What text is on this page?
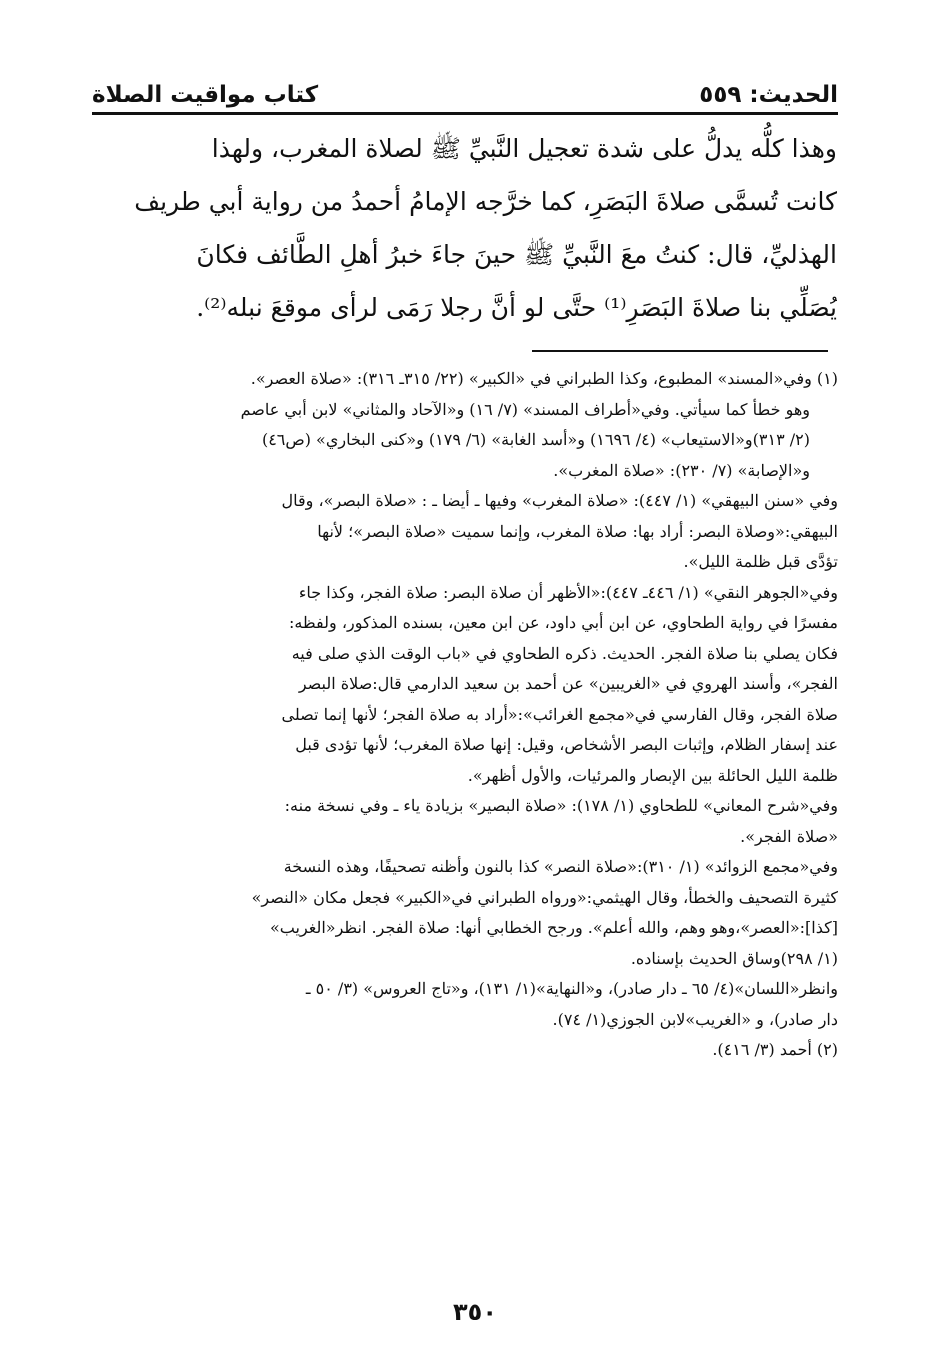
الحديث: ٥٥٩
كتاب مواقيت الصلاة
وهذا كلُّه يدلُّ على شدة تعجيل النَّبيِّ ﷺ لصلاة المغرب، ولهذا
كانت تُسمَّى صلاةَ البَصَرِ، كما خرَّجه الإمامُ أحمدُ من رواية أبي طريف
الهذليِّ، قال: كنتُ معَ النَّبيِّ ﷺ حينَ جاءَ خبرُ أهلِ الطَّائف فكانَ
يُصَلِّي بنا صلاةَ البَصَرِ⁽¹⁾ حتَّى لو أنَّ رجلا رَمَى لرأى موقعَ نبله⁽²⁾.
(١) وفي«المسند» المطبوع، وكذا الطبراني في «الكبير» (٢٢/ ٣١٥ـ ٣١٦): «صلاة العصر».
وهو خطأ كما سيأتي. وفي«أطراف المسند» (٧/ ١٦) و«الآحاد والمثاني» لابن أبي عاصم
(٢/ ٣١٣)و«الاستيعاب» (٤/ ١٦٩٦) و«أسد الغابة» (٦/ ١٧٩) و«كنى البخاري» (ص٤٦)
و«الإصابة» (٧/ ٢٣٠): «صلاة المغرب».
وفي «سنن البيهقي» (١/ ٤٤٧): «صلاة المغرب» وفيها ـ أيضا ـ : «صلاة البصر»، وقال
البيهقي:«وصلاة البصر: أراد بها: صلاة المغرب، وإنما سميت «صلاة البصر»؛ لأنها
تؤدَّى قبل ظلمة الليل».
وفي«الجوهر النقي» (١/ ٤٤٦ـ ٤٤٧):«الأظهر أن صلاة البصر: صلاة الفجر، وكذا جاء
مفسرًا في رواية الطحاوي، عن ابن أبي داود، عن ابن معين، بسنده المذكور، ولفظه:
فكان يصلي بنا صلاة الفجر. الحديث. ذكره الطحاوي في «باب الوقت الذي صلى فيه
الفجر»، وأسند الهروي في «الغريبين» عن أحمد بن سعيد الدارمي قال:صلاة البصر
صلاة الفجر، وقال الفارسي في«مجمع الغرائب»:«أراد به صلاة الفجر؛ لأنها إنما تصلى
عند إسفار الظلام، وإثبات البصر الأشخاص، وقيل: إنها صلاة المغرب؛ لأنها تؤدى قبل
ظلمة الليل الحائلة بين الإبصار والمرئيات، والأول أظهر».
وفي«شرح المعاني» للطحاوي (١/ ١٧٨): «صلاة البصير» بزيادة ياء ـ وفي نسخة منه:
«صلاة الفجر».
وفي«مجمع الزوائد» (١/ ٣١٠):«صلاة النصر» كذا بالنون وأظنه تصحيفًا، وهذه النسخة
كثيرة التصحيف والخطأ، وقال الهيثمي:«ورواه الطبراني في«الكبير» فجعل مكان «النصر»
[كذا]:«العصر»،وهو وهم، والله أعلم». ورجح الخطابي أنها: صلاة الفجر. انظر«الغريب»
(١/ ٢٩٨)وساق الحديث بإسناده.
وانظر«اللسان»(٤/ ٦٥ ـ دار صادر)، و«النهاية»(١/ ١٣١)، و«تاج العروس» (٣/ ٥٠ ـ
دار صادر)، و «الغريب»لابن الجوزي(١/ ٧٤).
(٢) أحمد (٣/ ٤١٦).
٣٥٠
